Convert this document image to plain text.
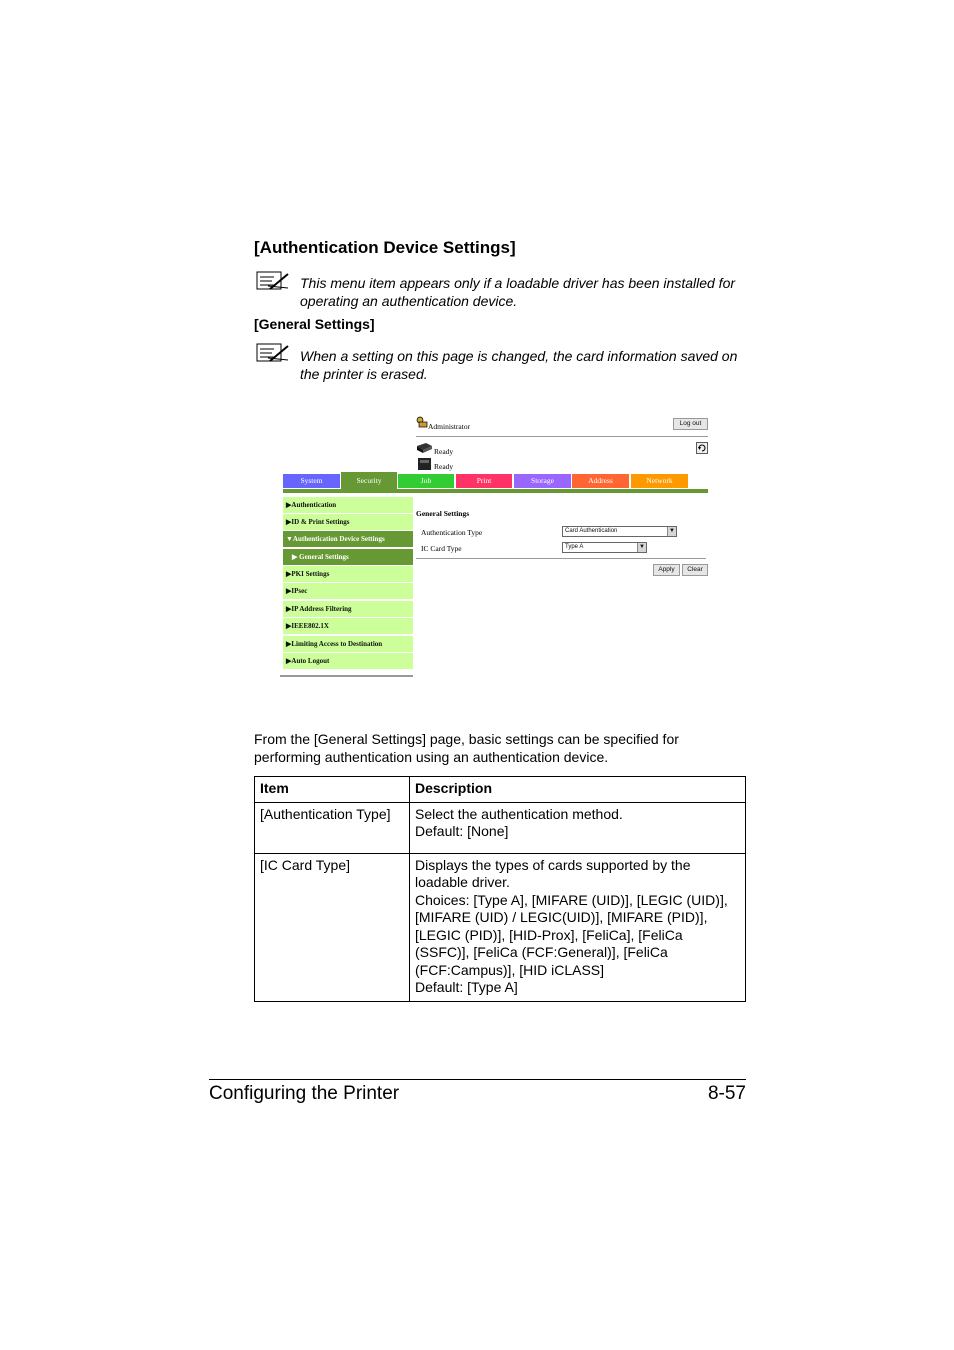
[Authentication Device Settings]
This menu item appears only if a loadable driver has been installed for operating an authentication device.
[General Settings]
When a setting on this page is changed, the card information saved on the printer is erased.
Administrator	Log out
Ready
Ready
System	Security	Job	Print	Storage	Address	Network
▶Authentication
▶ID & Print Settings
▼Authentication Device Settings
▶ General Settings
▶PKI Settings
▶IPsec
▶IP Address Filtering
▶IEEE802.1X
▶Limiting Access to Destination
▶Auto Logout
General Settings
Authentication Type	Card Authentication	▼
IC Card Type	Type A	▼
Apply	Clear
From the [General Settings] page, basic settings can be specified for performing authentication using an authentication device.
Item	Description
[Authentication Type]	Select the authentication method.
Default: [None]

[IC Card Type]	Displays the types of cards supported by the loadable driver.
Choices: [Type A], [MIFARE (UID)], [LEGIC (UID)], [MIFARE (UID) / LEGIC(UID)], [MIFARE (PID)], [LEGIC (PID)], [HID-Prox], [FeliCa], [FeliCa (SSFC)], [FeliCa (FCF:General)], [FeliCa (FCF:Campus)], [HID iCLASS]
Default: [Type A]
Configuring the Printer	8-57
